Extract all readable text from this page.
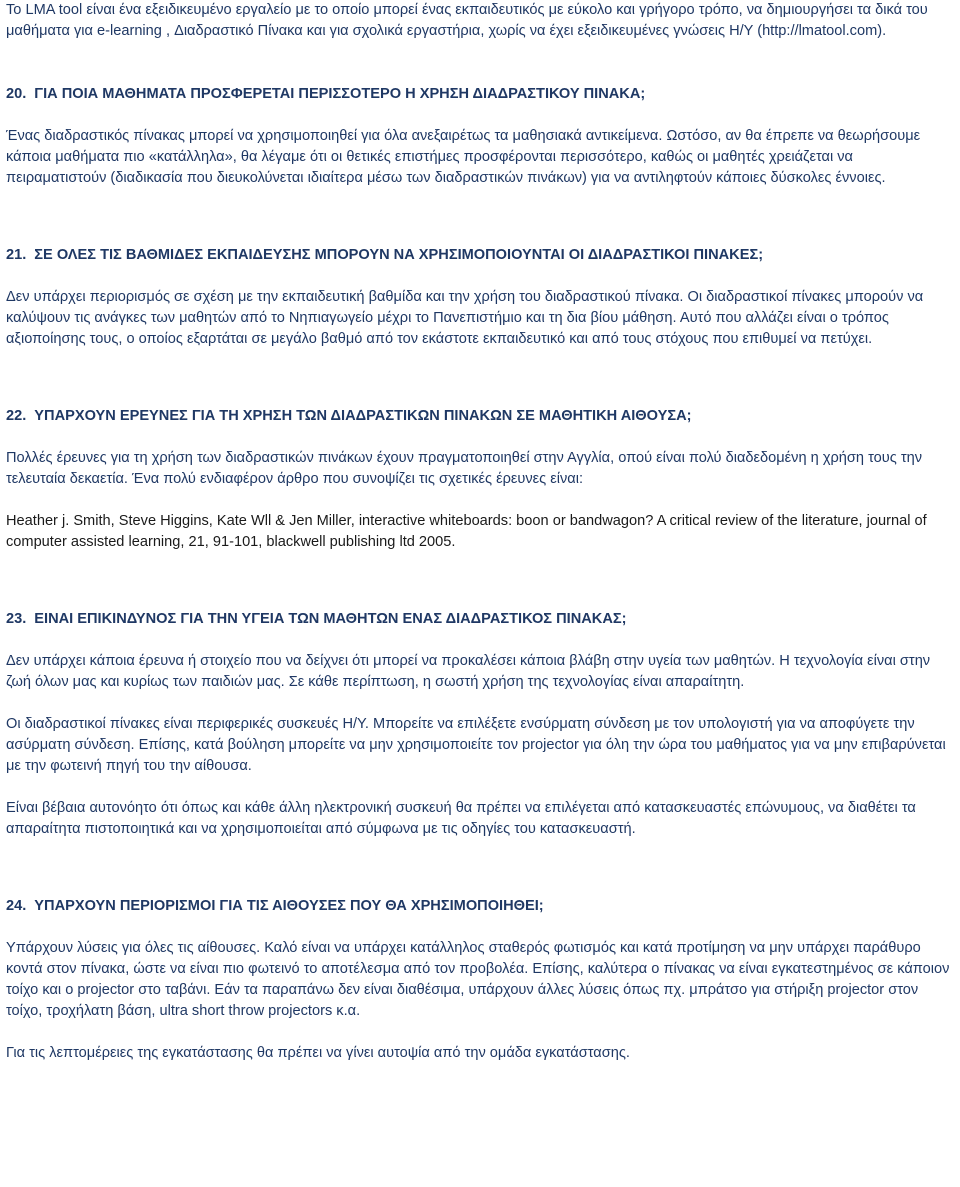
Το LMA tool είναι ένα εξειδικευμένο εργαλείο με το οποίο μπορεί ένας εκπαιδευτικός με εύκολο και γρήγορο τρόπο, να δημιουργήσει τα δικά του μαθήματα για e-learning , Διαδραστικό Πίνακα και για σχολικά εργαστήρια, χωρίς να έχει εξειδικευμένες γνώσεις Η/Υ (http://lmatool.com).

20. ΓΙΑ ΠΟΙΑ ΜΑΘΗΜΑΤΑ ΠΡΟΣΦΕΡΕΤΑΙ ΠΕΡΙΣΣΟΤΕΡΟ Η ΧΡΗΣΗ ΔΙΑΔΡΑΣΤΙΚΟΥ ΠΙΝΑΚΑ;

Ένας διαδραστικός πίνακας μπορεί να χρησιμοποιηθεί για όλα ανεξαιρέτως τα μαθησιακά αντικείμενα. Ωστόσο, αν θα έπρεπε να θεωρήσουμε κάποια μαθήματα πιο «κατάλληλα», θα λέγαμε ότι οι θετικές επιστήμες προσφέρονται περισσότερο, καθώς οι μαθητές χρειάζεται να πειραματιστούν (διαδικασία που διευκολύνεται ιδιαίτερα μέσω των διαδραστικών πινάκων) για να αντιληφτούν κάποιες δύσκολες έννοιες.

21. ΣΕ ΟΛΕΣ ΤΙΣ ΒΑΘΜΙΔΕΣ ΕΚΠΑΙΔΕΥΣΗΣ ΜΠΟΡΟΥΝ ΝΑ ΧΡΗΣΙΜΟΠΟΙΟΥΝΤΑΙ ΟΙ ΔΙΑΔΡΑΣΤΙΚΟΙ ΠΙΝΑΚΕΣ;

Δεν υπάρχει περιορισμός σε σχέση με την εκπαιδευτική βαθμίδα και την χρήση του διαδραστικού πίνακα. Οι διαδραστικοί πίνακες μπορούν να καλύψουν τις ανάγκες των μαθητών από το Νηπιαγωγείο μέχρι το Πανεπιστήμιο και τη δια βίου μάθηση. Αυτό που αλλάζει είναι ο τρόπος αξιοποίησης τους, ο οποίος εξαρτάται σε μεγάλο βαθμό από τον εκάστοτε εκπαιδευτικό και από τους στόχους που επιθυμεί να πετύχει.

22. ΥΠΑΡΧΟΥΝ ΕΡΕΥΝΕΣ ΓΙΑ ΤΗ ΧΡΗΣΗ ΤΩΝ ΔΙΑΔΡΑΣΤΙΚΩΝ ΠΙΝΑΚΩΝ ΣΕ ΜΑΘΗΤΙΚΗ ΑΙΘΟΥΣΑ;

Πολλές έρευνες για τη χρήση των διαδραστικών πινάκων έχουν πραγματοποιηθεί στην Αγγλία, οπού είναι πολύ διαδεδομένη η χρήση τους την τελευταία δεκαετία. Ένα πολύ ενδιαφέρον άρθρο που συνοψίζει τις σχετικές έρευνες είναι:

Heather j. Smith, Steve Higgins, Kate Wll & Jen Miller, interactive whiteboards: boon or bandwagon? A critical review of the literature, journal of computer assisted learning, 21, 91-101, blackwell publishing ltd 2005.

23. ΕΙΝΑΙ ΕΠΙΚΙΝΔΥΝΟΣ ΓΙΑ ΤΗΝ ΥΓΕΙΑ ΤΩΝ ΜΑΘΗΤΩΝ ΕΝΑΣ ΔΙΑΔΡΑΣΤΙΚΟΣ ΠΙΝΑΚΑΣ;

Δεν υπάρχει κάποια έρευνα ή στοιχείο που να δείχνει ότι μπορεί να προκαλέσει κάποια βλάβη στην υγεία των μαθητών. Η τεχνολογία είναι στην ζωή όλων μας και κυρίως των παιδιών μας. Σε κάθε περίπτωση, η σωστή χρήση της τεχνολογίας είναι απαραίτητη.

Οι διαδραστικοί πίνακες είναι περιφερικές συσκευές Η/Υ. Μπορείτε να επιλέξετε ενσύρματη σύνδεση με τον υπολογιστή για να αποφύγετε την ασύρματη σύνδεση. Επίσης, κατά βούληση μπορείτε να μην χρησιμοποιείτε τον projector για όλη την ώρα του μαθήματος για να μην επιβαρύνεται με την φωτεινή πηγή του την αίθουσα.

Είναι βέβαια αυτονόητο ότι όπως και κάθε άλλη ηλεκτρονική συσκευή θα πρέπει να επιλέγεται από κατασκευαστές επώνυμους, να διαθέτει τα απαραίτητα πιστοποιητικά και να χρησιμοποιείται από σύμφωνα με τις οδηγίες του κατασκευαστή.

24. ΥΠΑΡΧΟΥΝ ΠΕΡΙΟΡΙΣΜΟΙ ΓΙΑ ΤΙΣ ΑΙΘΟΥΣΕΣ ΠΟΥ ΘΑ ΧΡΗΣΙΜΟΠΟΙΗΘΕΙ;

Υπάρχουν λύσεις για όλες τις αίθουσες. Καλό είναι να υπάρχει κατάλληλος σταθερός φωτισμός και κατά προτίμηση να μην υπάρχει παράθυρο κοντά στον πίνακα, ώστε να είναι πιο φωτεινό το αποτέλεσμα από τον προβολέα. Επίσης, καλύτερα ο πίνακας να είναι εγκατεστημένος σε κάποιον τοίχο και ο projector στο ταβάνι. Εάν τα παραπάνω δεν είναι διαθέσιμα, υπάρχουν άλλες λύσεις όπως πχ. μπράτσο για στήριξη projector στον τοίχο, τροχήλατη βάση, ultra short throw projectors κ.α.

Για τις λεπτομέρειες της εγκατάστασης θα πρέπει να γίνει αυτοψία από την ομάδα εγκατάστασης.
